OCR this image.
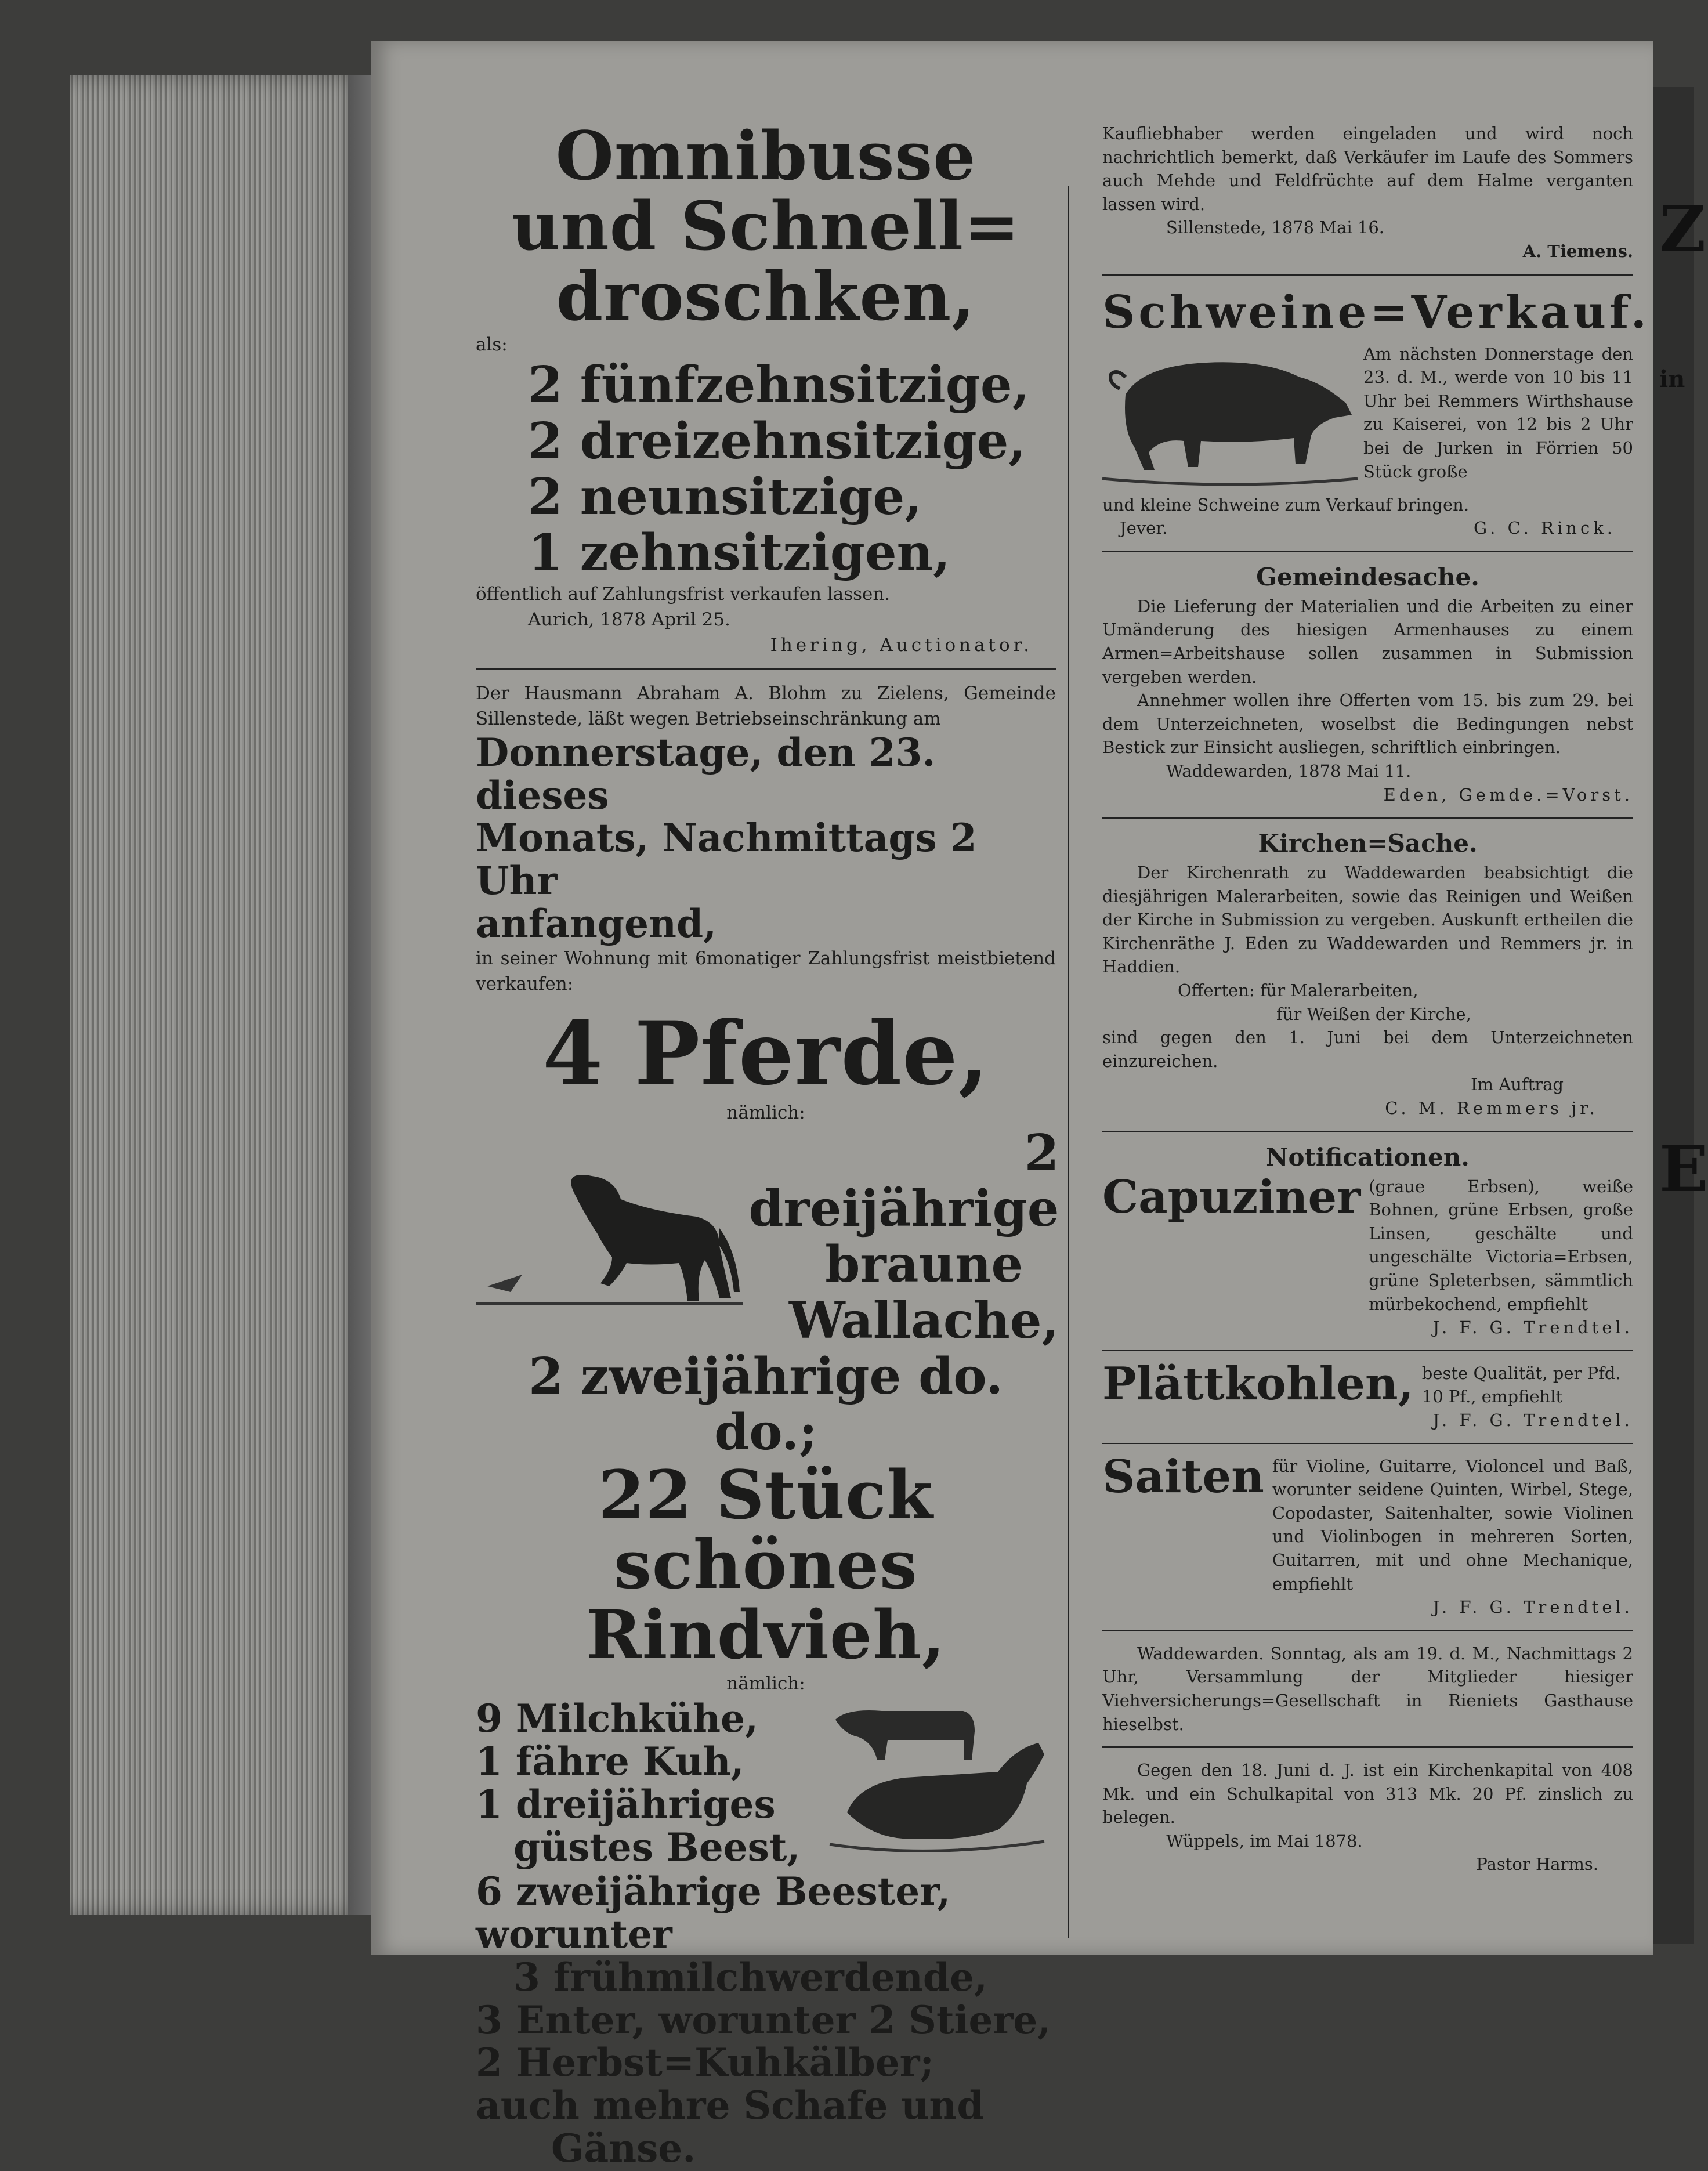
Omnibusse und Schnell=
droschken,
als:
2 fünfzehnsitzige,
2 dreizehnsitzige,
2 neunsitzige,
1 zehnsitzigen,
öffentlich auf Zahlungsfrist verkaufen lassen.
Aurich, 1878 April 25.
Ihering, Auctionator.
Der Hausmann Abraham A. Blohm zu Zielens, Gemeinde Sillenstede, läßt wegen Betriebseinschränkung am
Donnerstage, den 23. dieses
Monats, Nachmittags 2 Uhr
anfangend,
in seiner Wohnung mit 6monatiger Zahlungsfrist meistbietend verkaufen:
4 Pferde,
nämlich:
2 dreijährige
braune
Wallache,
2 zweijährige do. do.;
22 Stück schönes
Rindvieh,
nämlich:
9 Milchkühe,
1 fähre Kuh,
1 dreijähriges
güstes Beest,
6 zweijährige Beester, worunter
3 frühmilchwerdende,
3 Enter, worunter 2 Stiere,
2 Herbst=Kuhkälber;
auch mehre Schafe und
Gänse.
Kaufliebhaber werden eingeladen und wird noch nachrichtlich bemerkt, daß Verkäufer im Laufe des Sommers auch Mehde und Feldfrüchte auf dem Halme verganten lassen wird.
Sillenstede, 1878 Mai 16.
A. Tiemens.
Schweine=Verkauf.
Am nächsten Donnerstage den 23. d. M., werde von 10 bis 11 Uhr bei Remmers Wirthshause zu Kaiserei, von 12 bis 2 Uhr bei de Jurken in Förrien 50 Stück große
und kleine Schweine zum Verkauf bringen.
Jever.	G. C. Rinck.
Gemeindesache.
Die Lieferung der Materialien und die Arbeiten zu einer Umänderung des hiesigen Armenhauses zu einem Armen=Arbeitshause sollen zusammen in Submission vergeben werden.
Annehmer wollen ihre Offerten vom 15. bis zum 29. bei dem Unterzeichneten, woselbst die Bedingungen nebst Bestick zur Einsicht ausliegen, schriftlich einbringen.
Waddewarden, 1878 Mai 11.
Eden, Gemde.=Vorst.
Kirchen=Sache.
Der Kirchenrath zu Waddewarden beabsichtigt die diesjährigen Malerarbeiten, sowie das Reinigen und Weißen der Kirche in Submission zu vergeben. Auskunft ertheilen die Kirchenräthe J. Eden zu Waddewarden und Remmers jr. in Haddien.
Offerten: für Malerarbeiten,
für Weißen der Kirche,
sind gegen den 1. Juni bei dem Unterzeichneten einzureichen.
Im Auftrag
C. M. Remmers jr.
Notificationen.
Capuziner (graue Erbsen), weiße Bohnen, grüne Erbsen, große Linsen, geschälte und ungeschälte Victoria=Erbsen, grüne Spleterbsen, sämmtlich mürbekochend, empfiehlt
J. F. G. Trendtel.
Plättkohlen, beste Qualität, per Pfd. 10 Pf., empfiehlt
J. F. G. Trendtel.
Saiten für Violine, Guitarre, Violoncel und Baß, worunter seidene Quinten, Wirbel, Stege, Copodaster, Saitenhalter, sowie Violinen und Violinbogen in mehreren Sorten, Guitarren, mit und ohne Mechanique, empfiehlt
J. F. G. Trendtel.
Waddewarden. Sonntag, als am 19. d. M., Nachmittags 2 Uhr, Versammlung der Mitglieder hiesiger Viehversicherungs=Gesellschaft in Rieniets Gasthause hieselbst.
Gegen den 18. Juni d. J. ist ein Kirchenkapital von 408 Mk. und ein Schulkapital von 313 Mk. 20 Pf. zinslich zu belegen.
Wüppels, im Mai 1878.
Pastor Harms.
Z
in
E
